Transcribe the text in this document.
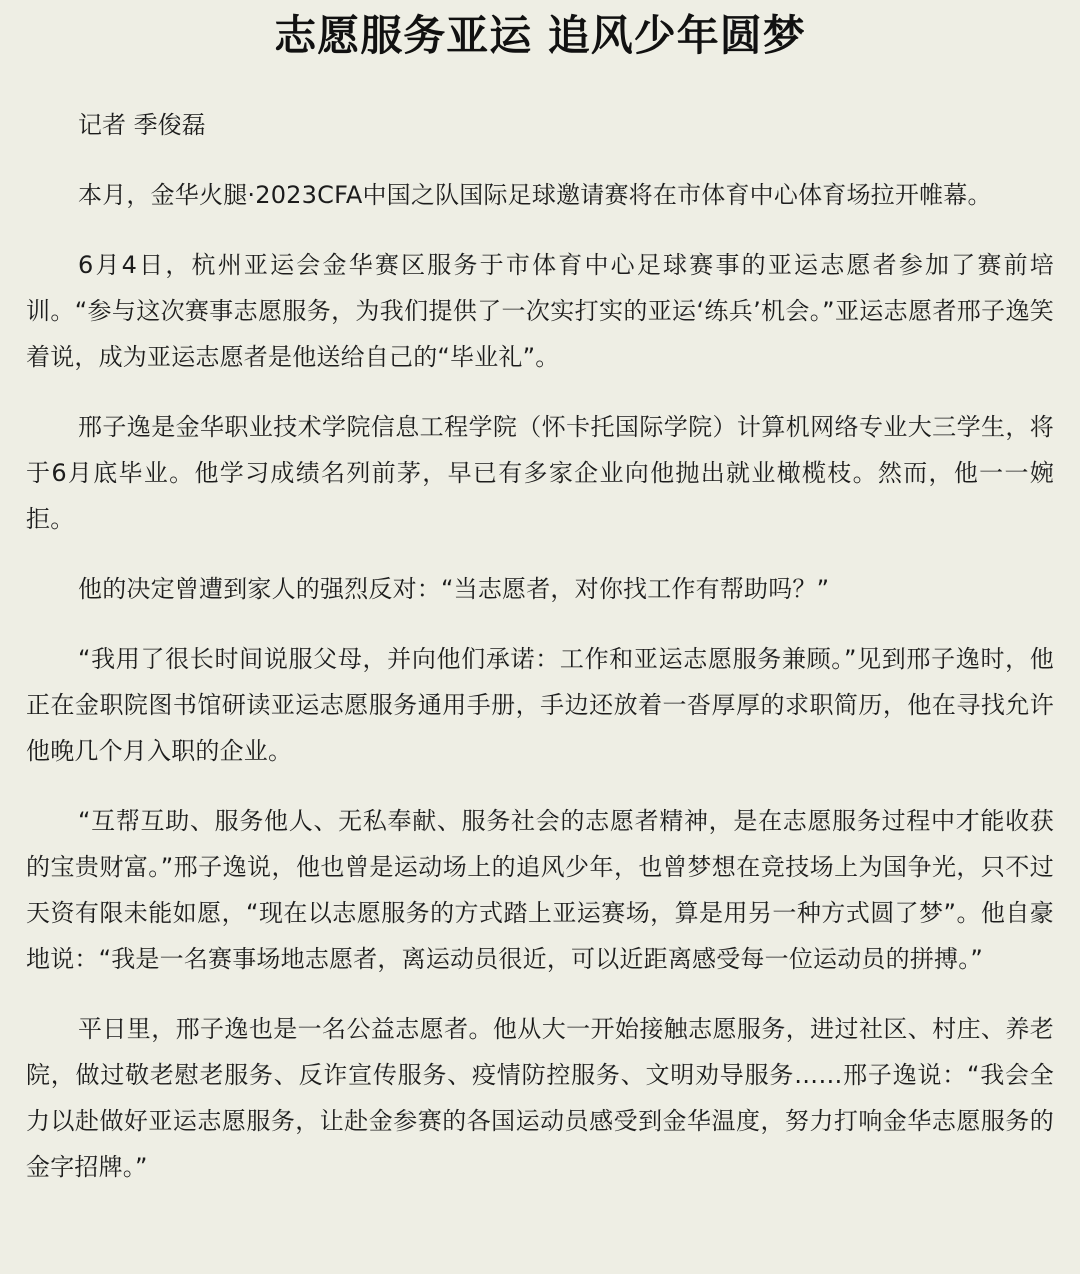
志愿服务亚运 追风少年圆梦

记者 季俊磊

本月，金华火腿·2023CFA中国之队国际足球邀请赛将在市体育中心体育场拉开帷幕。

6月4日，杭州亚运会金华赛区服务于市体育中心足球赛事的亚运志愿者参加了赛前培训。“参与这次赛事志愿服务，为我们提供了一次实打实的亚运‘练兵’机会。”亚运志愿者邢子逸笑着说，成为亚运志愿者是他送给自己的“毕业礼”。

邢子逸是金华职业技术学院信息工程学院（怀卡托国际学院）计算机网络专业大三学生，将于6月底毕业。他学习成绩名列前茅，早已有多家企业向他抛出就业橄榄枝。然而，他一一婉拒。

他的决定曾遭到家人的强烈反对：“当志愿者，对你找工作有帮助吗？”

“我用了很长时间说服父母，并向他们承诺：工作和亚运志愿服务兼顾。”见到邢子逸时，他正在金职院图书馆研读亚运志愿服务通用手册，手边还放着一沓厚厚的求职简历，他在寻找允许他晚几个月入职的企业。

“互帮互助、服务他人、无私奉献、服务社会的志愿者精神，是在志愿服务过程中才能收获的宝贵财富。”邢子逸说，他也曾是运动场上的追风少年，也曾梦想在竞技场上为国争光，只不过天资有限未能如愿，“现在以志愿服务的方式踏上亚运赛场，算是用另一种方式圆了梦”。他自豪地说：“我是一名赛事场地志愿者，离运动员很近，可以近距离感受每一位运动员的拼搏。”

平日里，邢子逸也是一名公益志愿者。他从大一开始接触志愿服务，进过社区、村庄、养老院，做过敬老慰老服务、反诈宣传服务、疫情防控服务、文明劝导服务……邢子逸说：“我会全力以赴做好亚运志愿服务，让赴金参赛的各国运动员感受到金华温度，努力打响金华志愿服务的金字招牌。”
